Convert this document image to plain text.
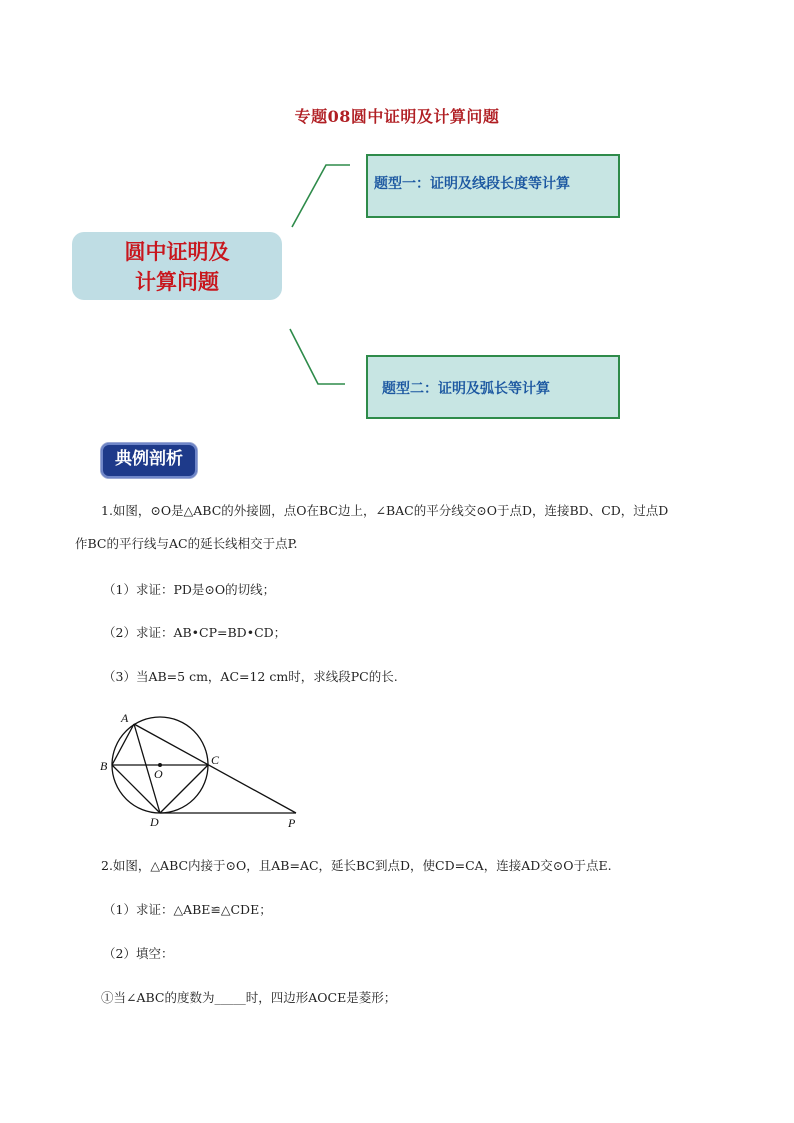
专题08圆中证明及计算问题
圆中证明及
计算问题
题型一：证明及线段长度等计算
题型二：证明及弧长等计算
典例剖析
1.如图，⊙O是△ABC的外接圆，点O在BC边上，∠BAC的平分线交⊙O于点D，连接BD、CD，过点D
作BC的平行线与AC的延长线相交于点P.
（1）求证：PD是⊙O的切线；
（2）求证：AB•CP=BD•CD；
（3）当AB=5 cm，AC=12 cm时，求线段PC的长.
A
B	C
O
D	P
2.如图，△ABC内接于⊙O，且AB=AC，延长BC到点D，使CD=CA，连接AD交⊙O于点E.
（1）求证：△ABE≌△CDE；
（2）填空：
①当∠ABC的度数为_____时，四边形AOCE是菱形；
